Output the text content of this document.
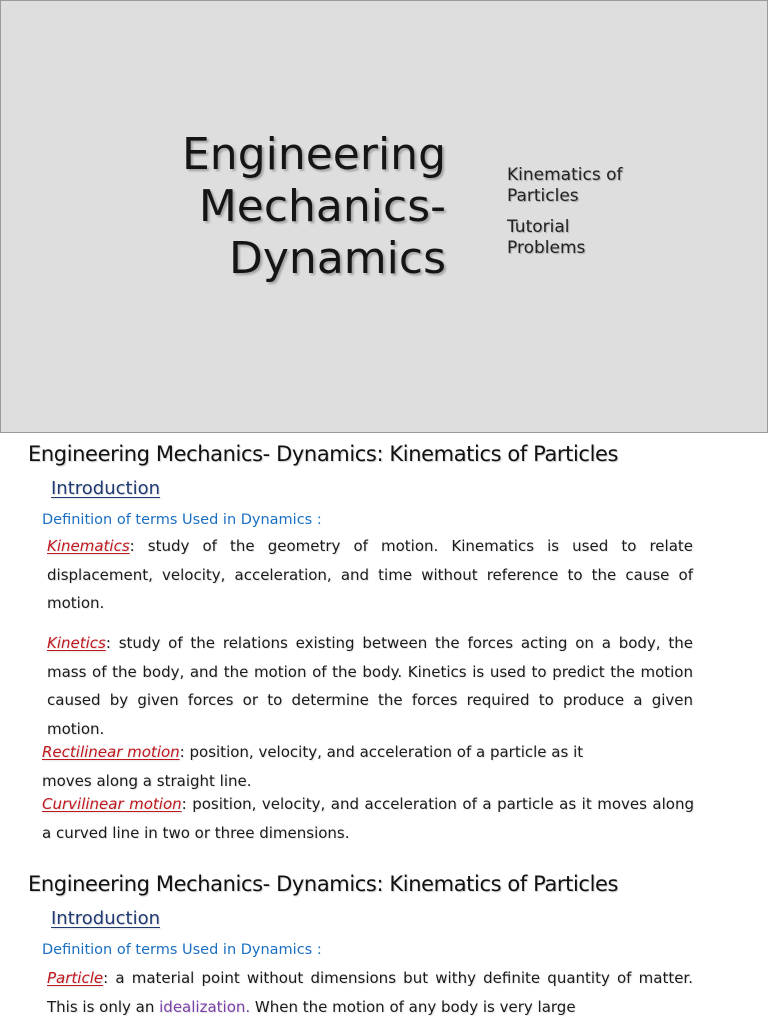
Engineering
Mechanics-
Dynamics
Kinematics of
Particles
Tutorial
Problems
Engineering Mechanics- Dynamics: Kinematics of Particles
Introduction
Definition of terms Used in Dynamics :

Kinematics: study of the geometry of motion. Kinematics is used to relate displacement, velocity, acceleration, and time without reference to the cause of motion.

Kinetics: study of the relations existing between the forces acting on a body, the mass of the body, and the motion of the body. Kinetics is used to predict the motion caused by given forces or to determine the forces required to produce a given motion.

Rectilinear motion: position, velocity, and acceleration of a particle as it
moves along a straight line.

Curvilinear motion: position, velocity, and acceleration of a particle as it moves along a curved line in two or three dimensions.

Engineering Mechanics- Dynamics: Kinematics of Particles
Introduction
Definition of terms Used in Dynamics :

Particle: a material point without dimensions but withy definite quantity of matter. This is only an idealization. When the motion of any body is very large
